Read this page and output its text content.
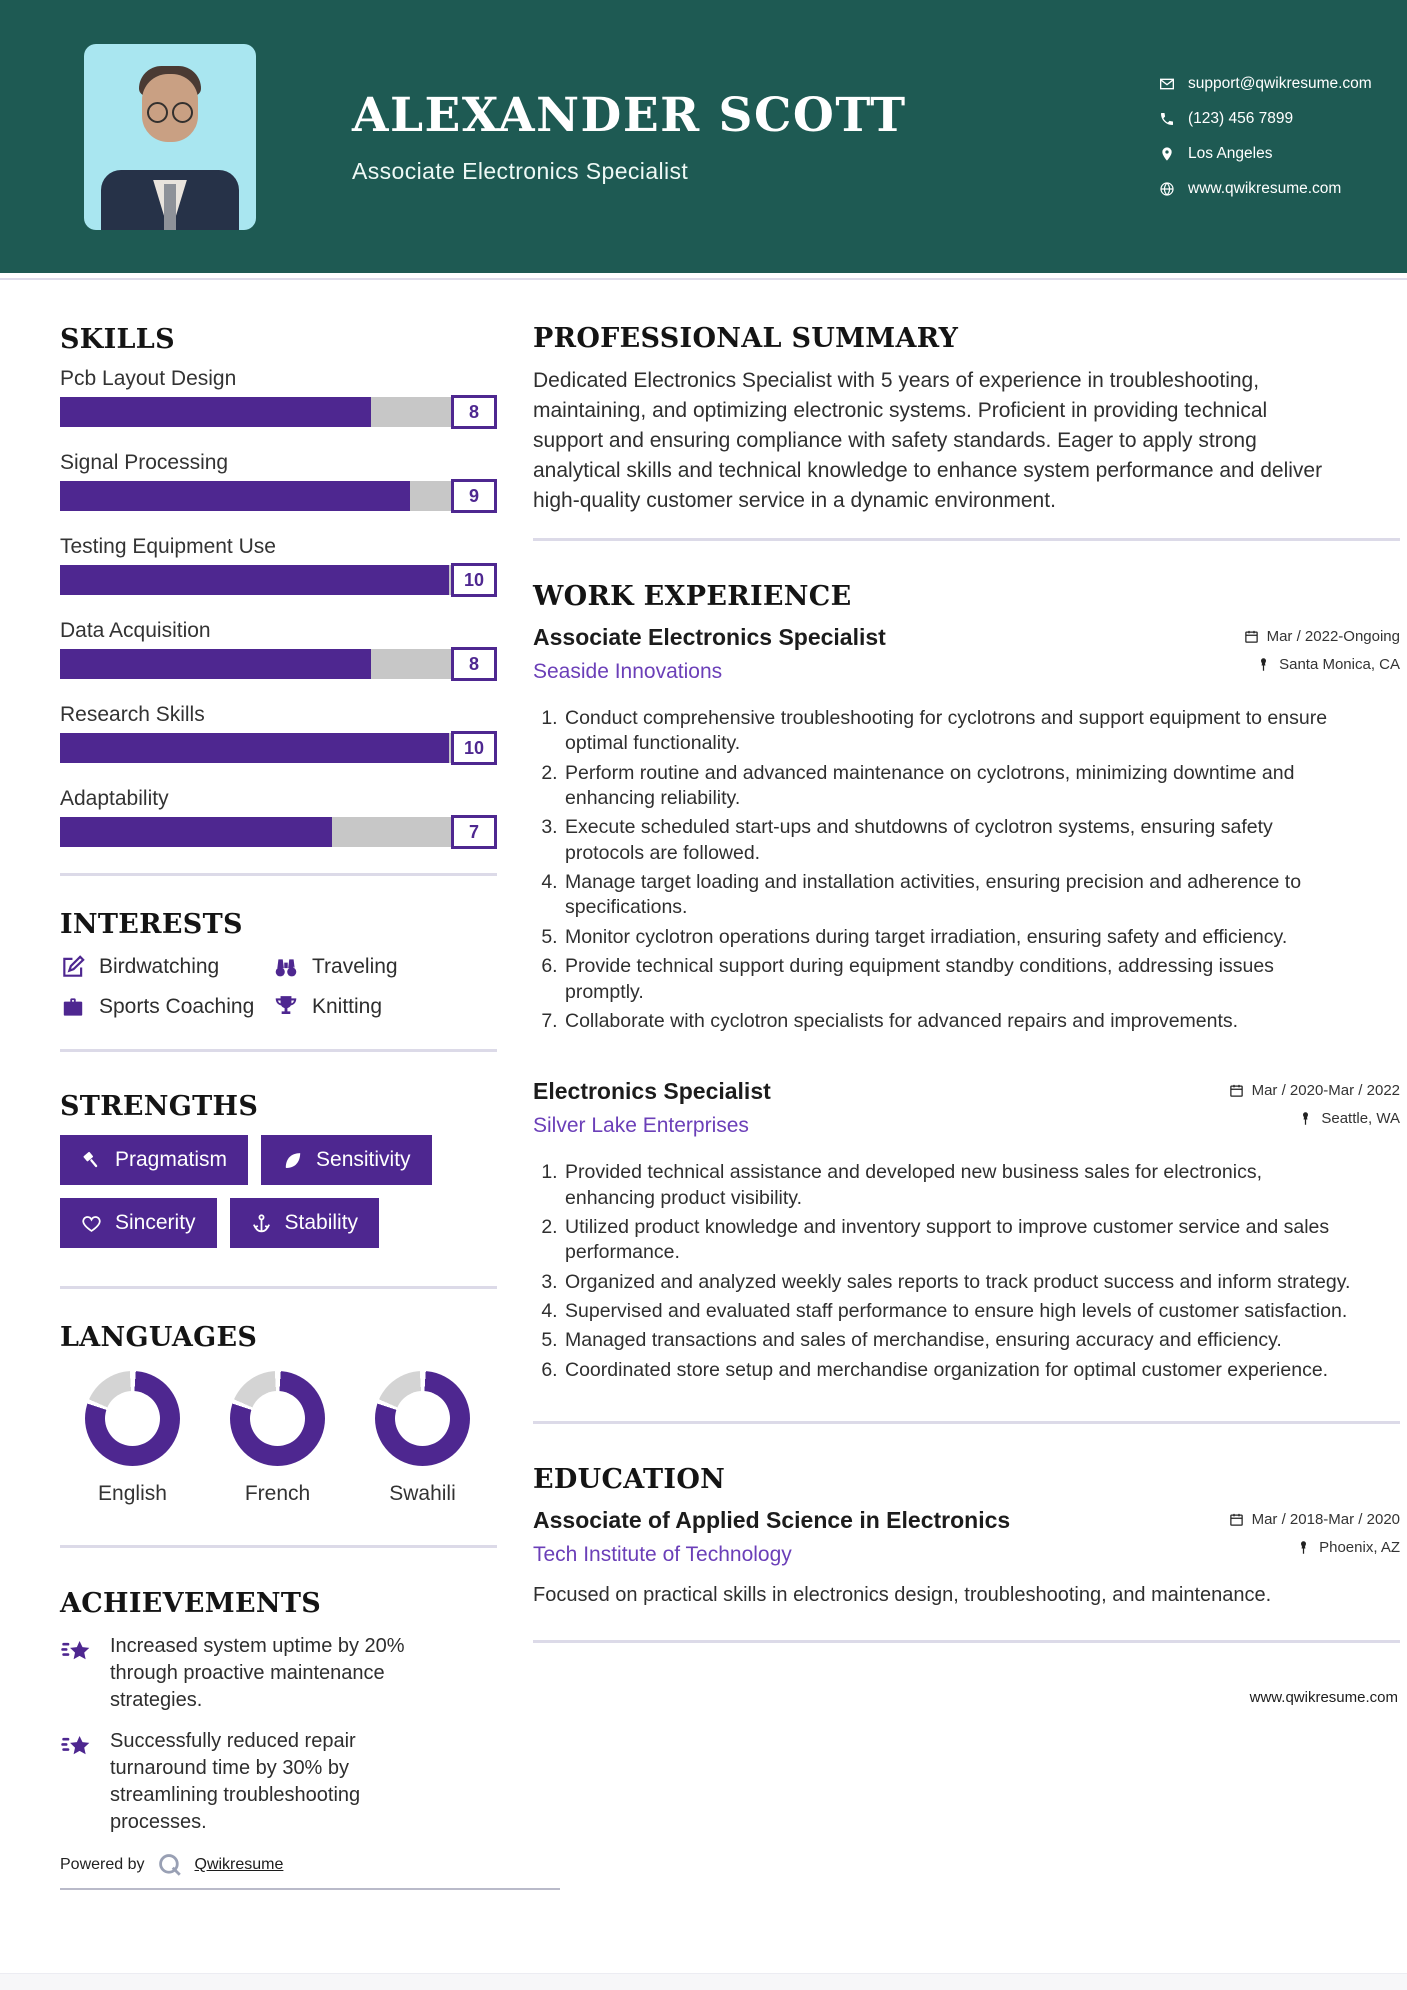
ALEXANDER SCOTT
Associate Electronics Specialist
support@qwikresume.com
(123) 456 7899
Los Angeles
www.qwikresume.com
SKILLS
Pcb Layout Design
8
Signal Processing
9
Testing Equipment Use
10
Data Acquisition
8
Research Skills
10
Adaptability
7
INTERESTS
Birdwatching	Traveling
Sports Coaching	Knitting
STRENGTHS
Pragmatism	Sensitivity
Sincerity	Stability
LANGUAGES
English	French	Swahili
ACHIEVEMENTS

Increased system uptime by 20% through proactive maintenance strategies.

Successfully reduced repair turnaround time by 30% by streamlining troubleshooting processes.

Powered by	Qwikresume
PROFESSIONAL SUMMARY

Dedicated Electronics Specialist with 5 years of experience in troubleshooting, maintaining, and optimizing electronic systems. Proficient in providing technical support and ensuring compliance with safety standards. Eager to apply strong analytical skills and technical knowledge to enhance system performance and deliver high-quality customer service in a dynamic environment.

WORK EXPERIENCE
Associate Electronics Specialist
Seaside Innovations
Mar / 2022-Ongoing
Santa Monica, CA
1. Conduct comprehensive troubleshooting for cyclotrons and support equipment to ensure optimal functionality.
2. Perform routine and advanced maintenance on cyclotrons, minimizing downtime and enhancing reliability.
3. Execute scheduled start-ups and shutdowns of cyclotron systems, ensuring safety protocols are followed.
4. Manage target loading and installation activities, ensuring precision and adherence to specifications.
5. Monitor cyclotron operations during target irradiation, ensuring safety and efficiency.
6. Provide technical support during equipment standby conditions, addressing issues promptly.
7. Collaborate with cyclotron specialists for advanced repairs and improvements.
Electronics Specialist
Silver Lake Enterprises
Mar / 2020-Mar / 2022
Seattle, WA
1. Provided technical assistance and developed new business sales for electronics, enhancing product visibility.
2. Utilized product knowledge and inventory support to improve customer service and sales performance.
3. Organized and analyzed weekly sales reports to track product success and inform strategy.
4. Supervised and evaluated staff performance to ensure high levels of customer satisfaction.
5. Managed transactions and sales of merchandise, ensuring accuracy and efficiency.
6. Coordinated store setup and merchandise organization for optimal customer experience.
EDUCATION
Associate of Applied Science in Electronics
Tech Institute of Technology
Mar / 2018-Mar / 2020
Phoenix, AZ

Focused on practical skills in electronics design, troubleshooting, and maintenance.

www.qwikresume.com
